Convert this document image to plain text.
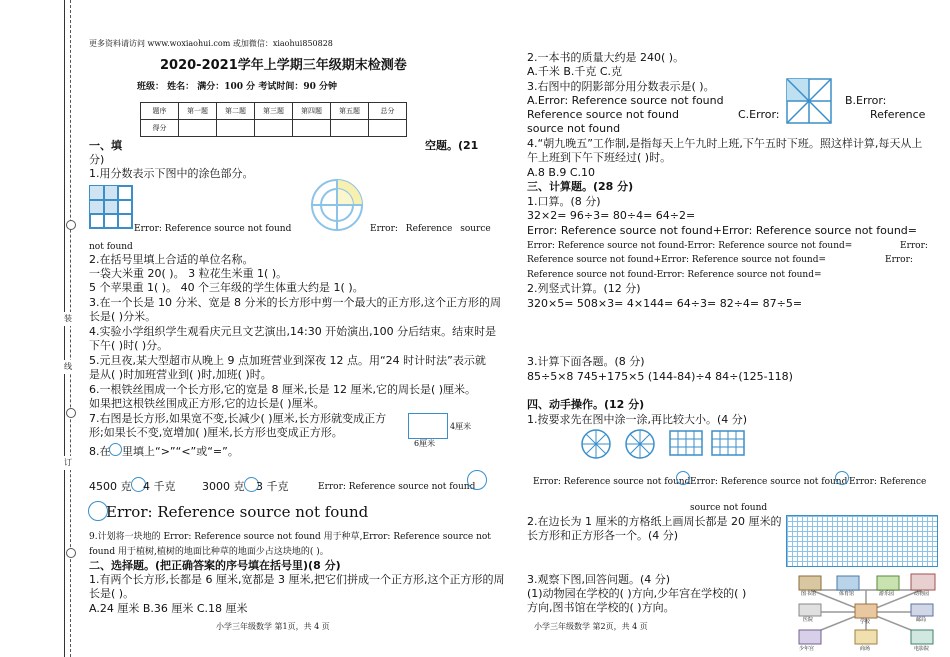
装
订
线
更多资料请访问 www.woxiaohui.com 或加微信：xiaohui850828
2020-2021学年上学期三年级期末检测卷
班级： 姓名： 满分：100 分 考试时间：90 分钟
题序	第一题	第二题	第三题	第四题	第五题	总分
得分						
一、填	空题。(21
分)
1.用分数表示下图中的涂色部分。
Error: Reference source not found	Error: Reference source
not found
2.在括号里填上合适的单位名称。
一袋大米重 20( )。 3 粒花生米重 1( )。
5 个苹果重 1( )。 40 个三年级的学生体重大约是 1( )。
3.在一个长是 10 分米、宽是 8 分米的长方形中剪一个最大的正方形,这个正方形的周
长是( )分米。
4.实验小学组织学生观看庆元旦文艺演出,14:30 开始演出,100 分后结束。结束时是
下午( )时( )分。
5.元旦夜,某大型超市从晚上 9 点加班营业到深夜 12 点。用“24 时计时法”表示就
是从( )时加班营业到( )时,加班( )时。
6.一根铁丝围成一个长方形,它的宽是 8 厘米,长是 12 厘米,它的周长是( )厘米。
如果把这根铁丝围成正方形,它的边长是( )厘米。
7.右图是长方形,如果宽不变,长减少( )厘米,长方形就变成正方
形;如果长不变,宽增加( )厘米,长方形也变成正方形。	4厘米
6厘米
8.在 里填上“>”“<”或“=”。
4500 克 4 千克 3000 克 3 千克	Error: Reference source not found
Error: Reference source not found
9.计划将一块地的 Error: Reference source not found 用于种草,Error: Reference source not
found 用于植树,植树的地面比种草的地面少占这块地的( )。
二、选择题。(把正确答案的序号填在括号里)(8 分)
1.有两个长方形,长都是 6 厘米,宽都是 3 厘米,把它们拼成一个正方形,这个正方形的周
长是( )。
A.24 厘米 B.36 厘米 C.18 厘米
小学三年级数学 第1页，共 4 页
2.一本书的质量大约是 240( )。
A.千米 B.千克 C.克
3.右图中的阴影部分用分数表示是( )。
A.Error: Reference source not found	B.Error:
Reference source not found	C.Error:	Reference
source not found
4.“朝九晚五”工作制,是指每天上午九时上班,下午五时下班。照这样计算,每天从上
午上班到下午下班经过( )时。
A.8 B.9 C.10
三、计算题。(28 分)
1.口算。(8 分)
32×2= 96÷3= 80÷4= 64÷2=
Error: Reference source not found+Error: Reference source not found=
Error: Reference source not found-Error: Reference source not found=	Error:
Reference source not found+Error: Reference source not found=	Error:
Reference source not found-Error: Reference source not found=
2.列竖式计算。(12 分)
320×5= 508×3= 4×144= 64÷3= 82÷4= 87÷5=
3.计算下面各题。(8 分)
85÷5×8 745+175×5 (144-84)÷4 84÷(125-118)
四、动手操作。(12 分)
1.按要求先在图中涂一涂,再比较大小。(4 分)
Error: Reference source not found Error: Reference source not found Error: Reference
source not found
2.在边长为 1 厘米的方格纸上画周长都是 20 厘米的
长方形和正方形各一个。(4 分)
3.观察下图,回答问题。(4 分)
(1)动物园在学校的( )方向,少年宫在学校的( )
方向,图书馆在学校的( )方向。
小学三年级数学 第2页，共 4 页
图书馆	体育馆	游乐园	动物园
医院	学校	邮局
少年宫	商场	电影院
